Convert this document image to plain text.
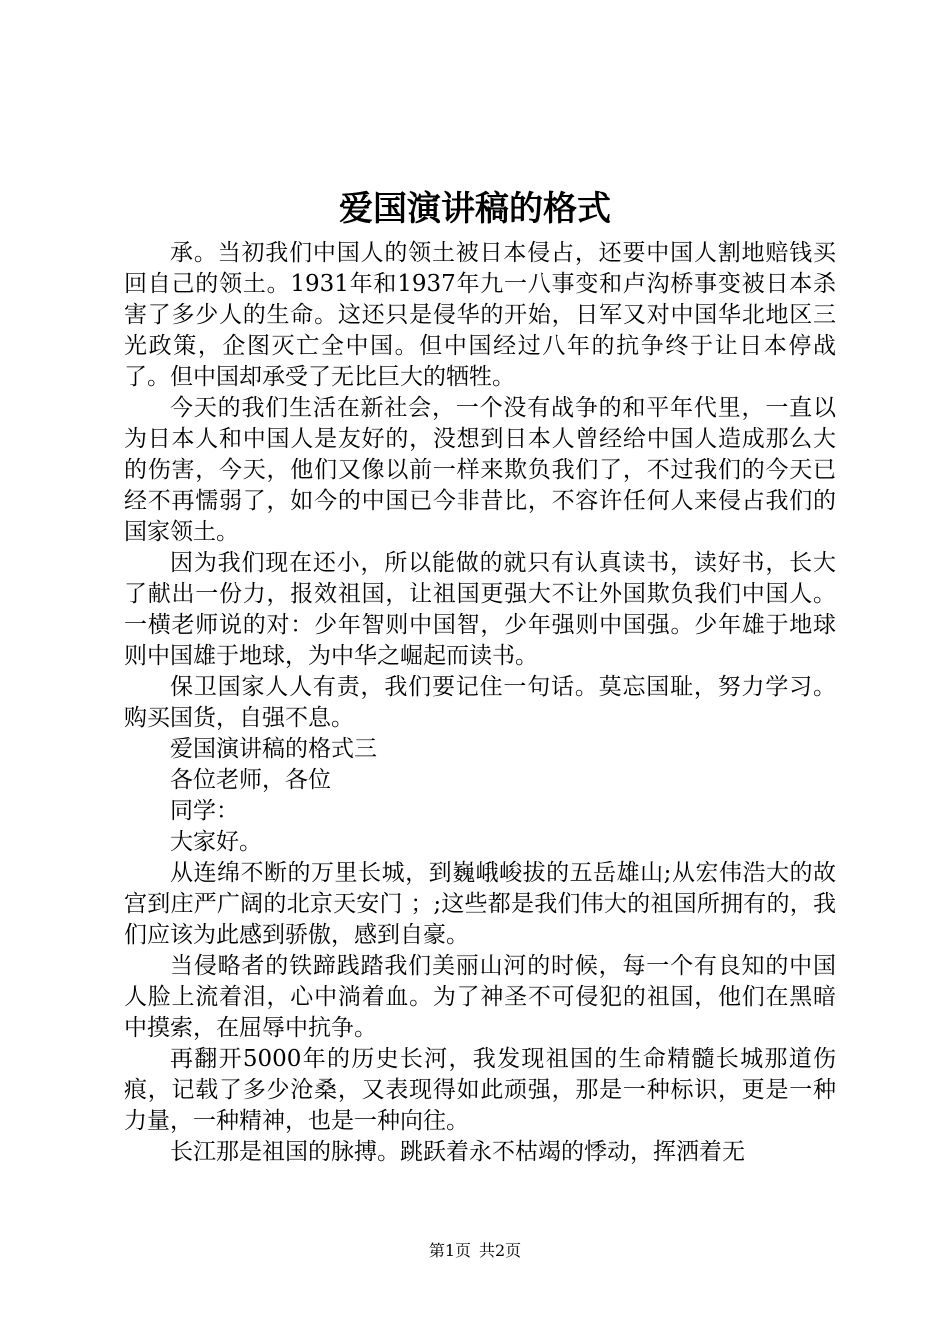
爱国演讲稿的格式

承。当初我们中国人的领土被日本侵占，还要中国人割地赔钱买回自己的领土。1931年和1937年九一八事变和卢沟桥事变被日本杀害了多少人的生命。这还只是侵华的开始，日军又对中国华北地区三光政策，企图灭亡全中国。但中国经过八年的抗争终于让日本停战了。但中国却承受了无比巨大的牺牲。

今天的我们生活在新社会，一个没有战争的和平年代里，一直以为日本人和中国人是友好的，没想到日本人曾经给中国人造成那么大的伤害，今天，他们又像以前一样来欺负我们了，不过我们的今天已经不再懦弱了，如今的中国已今非昔比，不容许任何人来侵占我们的国家领土。

因为我们现在还小，所以能做的就只有认真读书，读好书，长大了献出一份力，报效祖国，让祖国更强大不让外国欺负我们中国人。一横老师说的对：少年智则中国智，少年强则中国强。少年雄于地球则中国雄于地球，为中华之崛起而读书。

保卫国家人人有责，我们要记住一句话。莫忘国耻，努力学习。购买国货，自强不息。

爱国演讲稿的格式三

各位老师，各位

同学：

大家好。

从连绵不断的万里长城，到巍峨峻拔的五岳雄山;从宏伟浩大的故宫到庄严广阔的北京天安门 ；;这些都是我们伟大的祖国所拥有的，我们应该为此感到骄傲，感到自豪。

当侵略者的铁蹄践踏我们美丽山河的时候，每一个有良知的中国人脸上流着泪，心中淌着血。为了神圣不可侵犯的祖国，他们在黑暗中摸索，在屈辱中抗争。

再翻开5000年的历史长河，我发现祖国的生命精髓长城那道伤痕，记载了多少沧桑，又表现得如此顽强，那是一种标识，更是一种力量，一种精神，也是一种向往。

长江那是祖国的脉搏。跳跃着永不枯竭的悸动，挥洒着无

第1页 共2页
